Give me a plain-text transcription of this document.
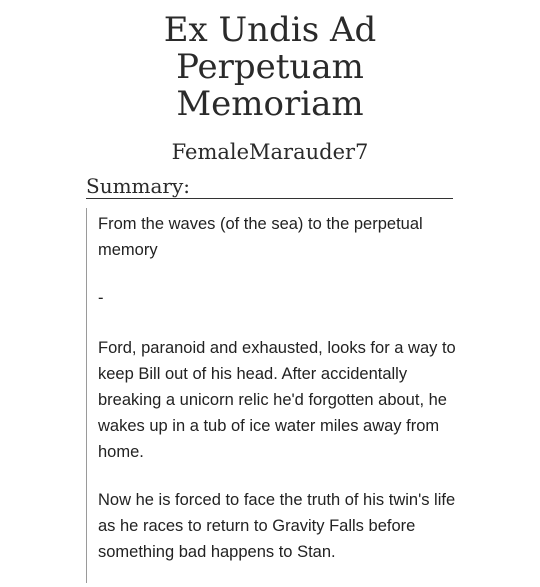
Ex Undis Ad
Perpetuam
Memoriam
FemaleMarauder7
Summary:

From the waves (of the sea) to the perpetual memory

-

Ford, paranoid and exhausted, looks for a way to keep Bill out of his head. After accidentally breaking a unicorn relic he'd forgotten about, he wakes up in a tub of ice water miles away from home.

Now he is forced to face the truth of his twin's life as he races to return to Gravity Falls before something bad happens to Stan.
